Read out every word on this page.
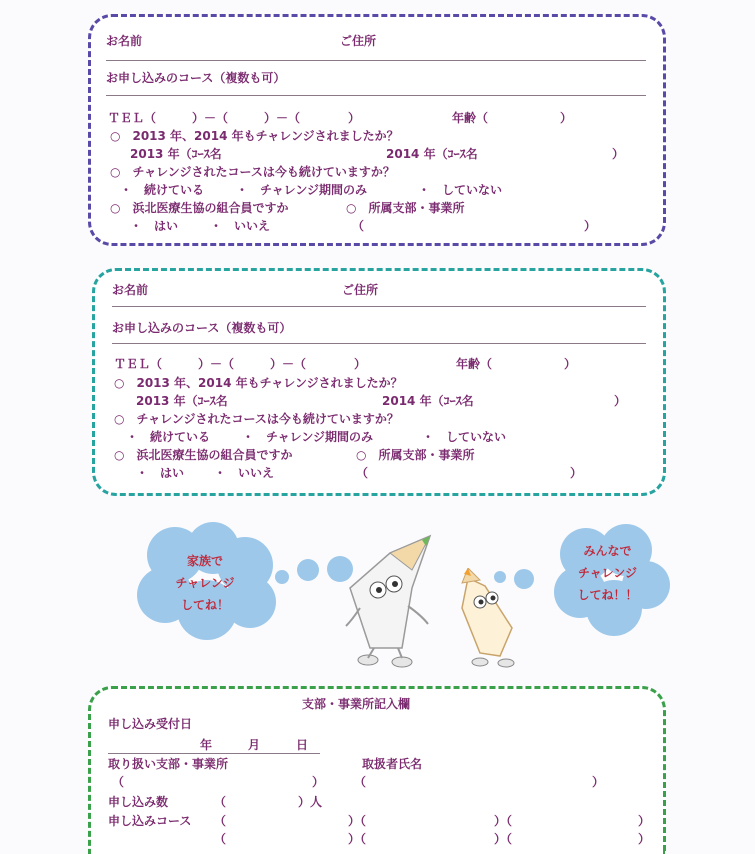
お名前	ご住所
お申し込みのコース（複数も可）
ＴＥＬ（　　　）－（　　　）－（　　　　）	年齢（　　　　　　）
○　2013 年、2014 年もチャレンジされましたか？
2013 年（ｺｰｽ名	2014 年（ｺｰｽ名	）
○　チャレンジされたコースは今も続けていますか？
・　続けている	・　チャレンジ期間のみ	・　していない
○　浜北医療生協の組合員ですか	○　所属支部・事業所
・　はい	・　いいえ	（	）
お名前	ご住所
お申し込みのコース（複数も可）
ＴＥＬ（　　　）－（　　　）－（　　　　）	年齢（　　　　　　）
○　2013 年、2014 年もチャレンジされましたか？
2013 年（ｺｰｽ名	2014 年（ｺｰｽ名	）
○　チャレンジされたコースは今も続けていますか？
・　続けている	・　チャレンジ期間のみ	・　していない
○　浜北医療生協の組合員ですか	○　所属支部・事業所
・　はい ・　いいえ	（	）
家族で
チャレンジ
してね！
みんなで
チャレンジ
してね！！
支部・事業所記入欄
申し込み受付日
年　　　月　　　日
取り扱い支部・事業所	取扱者氏名
（	） （	）
申し込み数	（	）人
申し込みコース （	）（	）（	）
（	）（	）（	）
